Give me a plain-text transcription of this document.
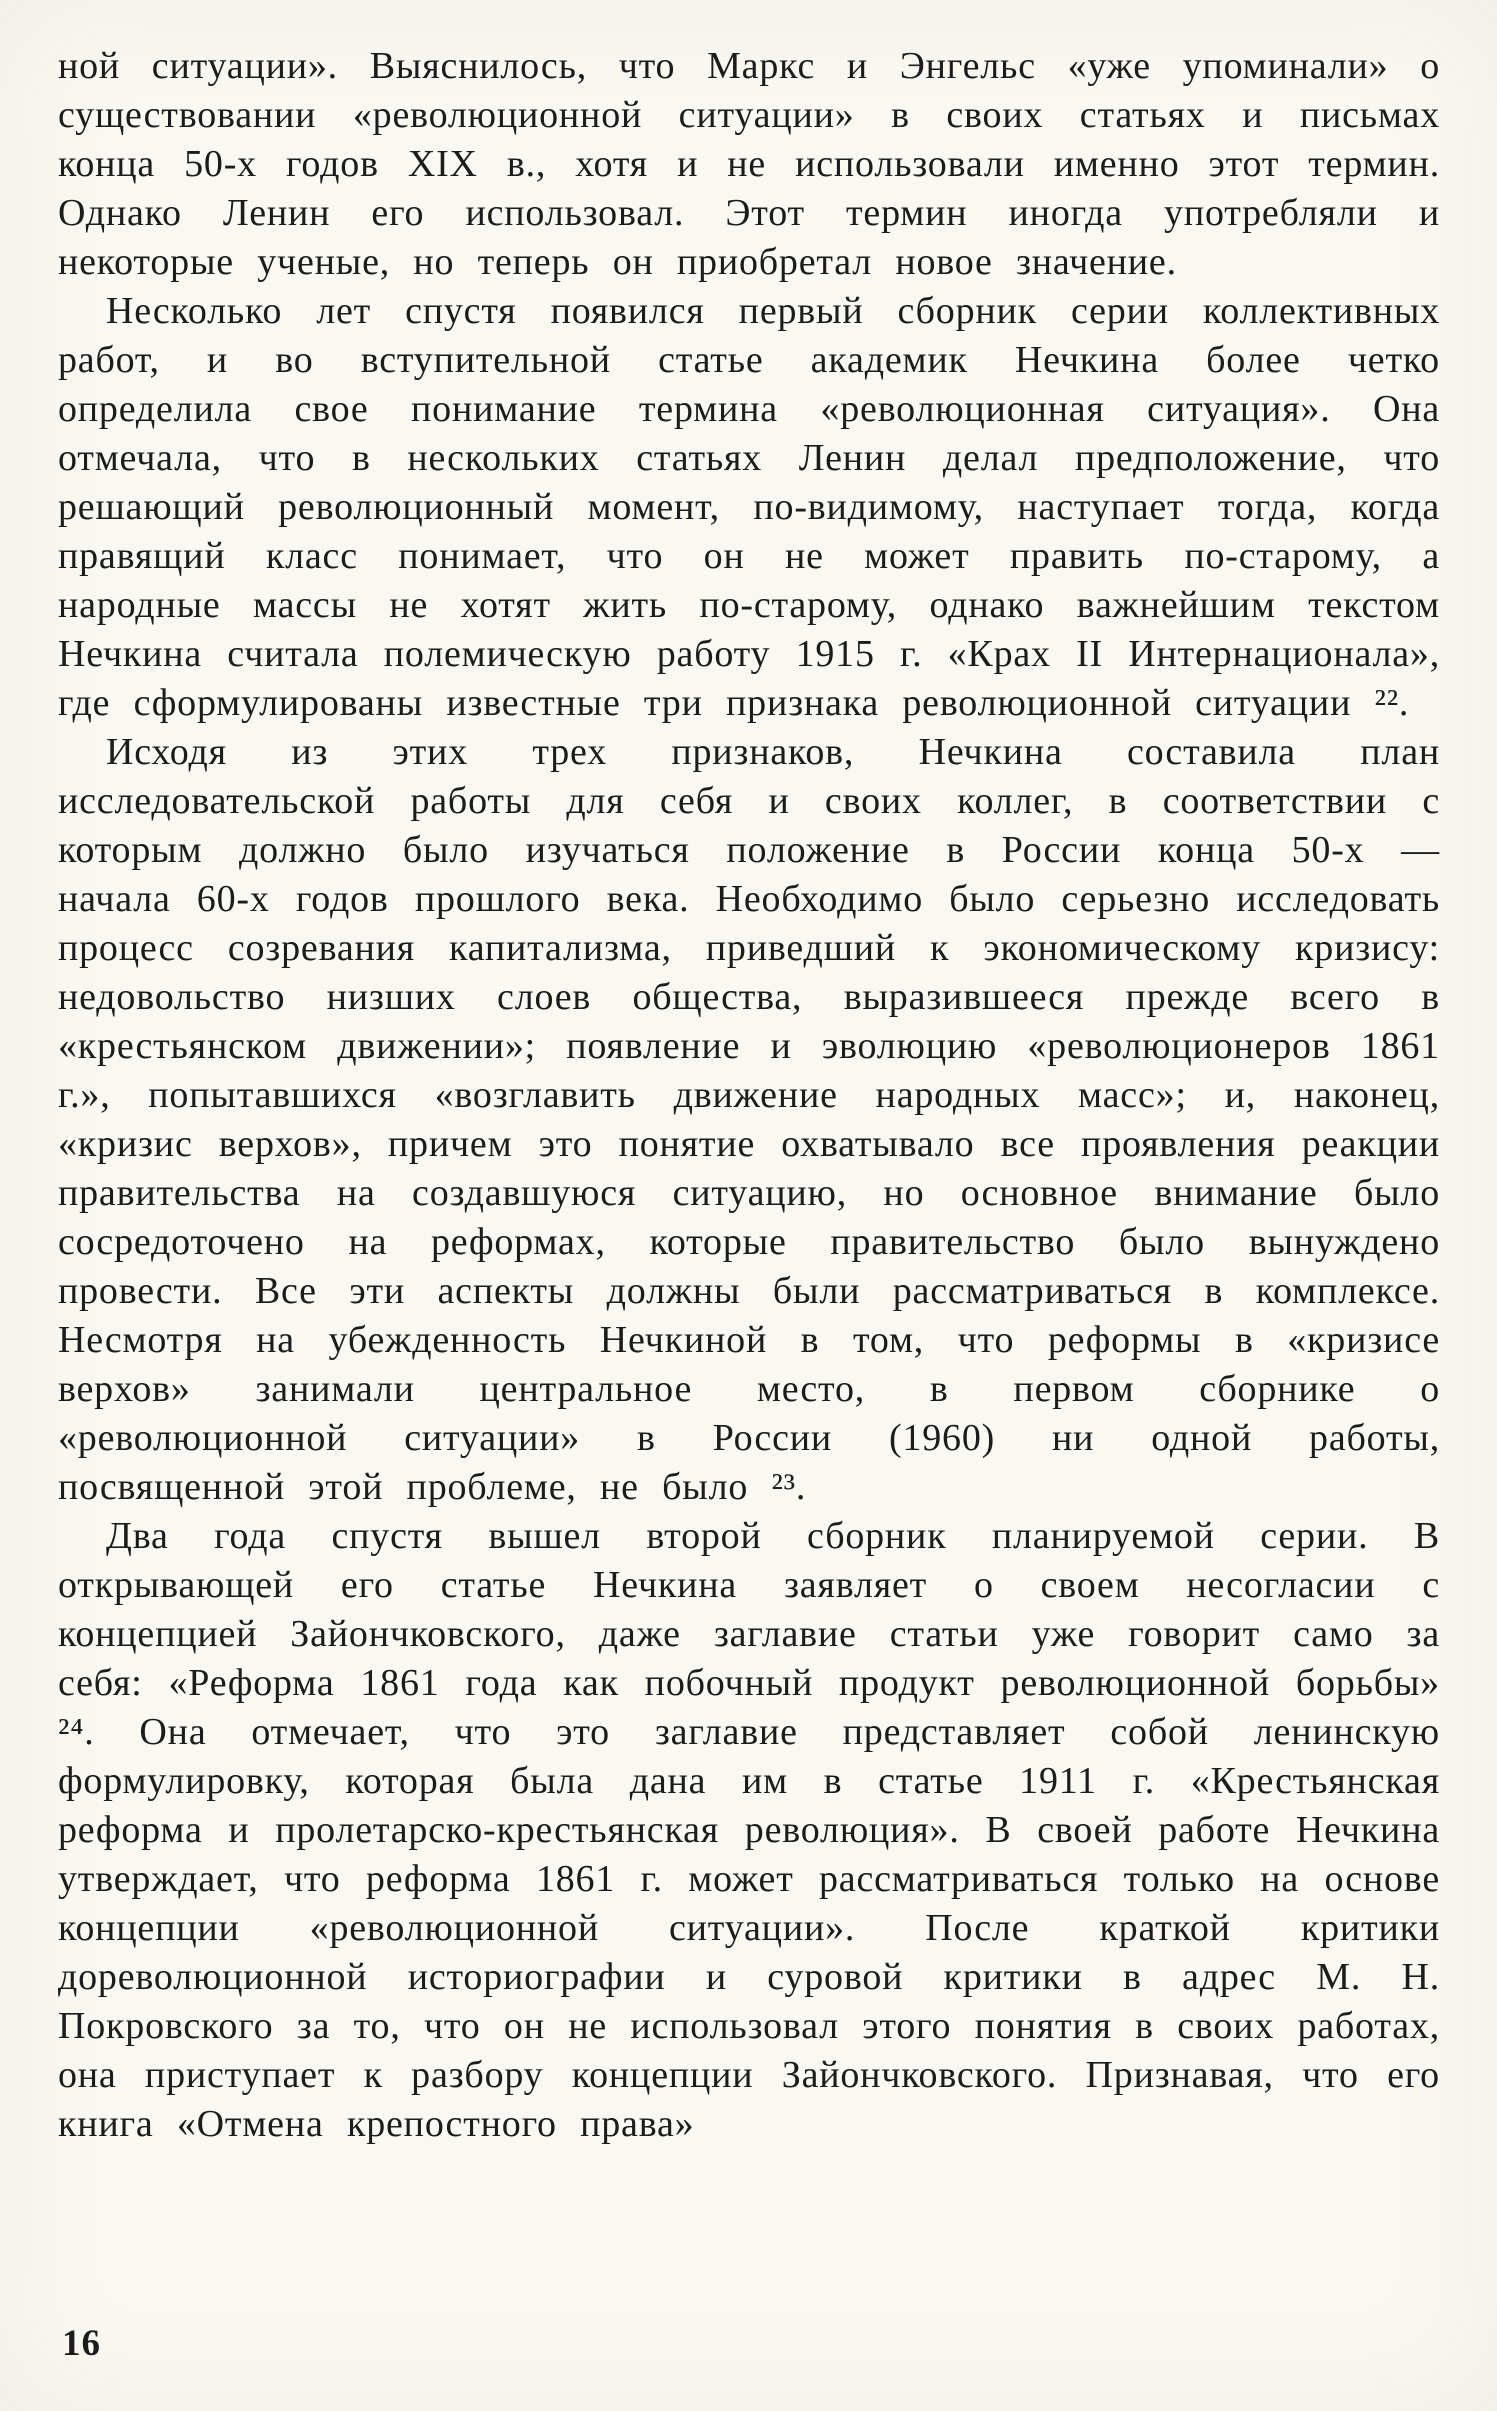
ной ситуации». Выяснилось, что Маркс и Энгельс «уже упоминали» о существовании «революционной ситуации» в своих статьях и письмах конца 50-х годов XIX в., хотя и не использовали именно этот термин. Однако Ленин его использовал. Этот термин иногда употребляли и некоторые ученые, но теперь он приобретал новое значение.

Несколько лет спустя появился первый сборник серии коллективных работ, и во вступительной статье академик Нечкина более четко определила свое понимание термина «революционная ситуация». Она отмечала, что в нескольких статьях Ленин делал предположение, что решающий революционный момент, по-видимому, наступает тогда, когда правящий класс понимает, что он не может править по-старому, а народные массы не хотят жить по-старому, однако важнейшим текстом Нечкина считала полемическую работу 1915 г. «Крах II Интернационала», где сформулированы известные три признака революционной ситуации ²².

Исходя из этих трех признаков, Нечкина составила план исследовательской работы для себя и своих коллег, в соответствии с которым должно было изучаться положение в России конца 50-х — начала 60-х годов прошлого века. Необходимо было серьезно исследовать процесс созревания капитализма, приведший к экономическому кризису: недовольство низших слоев общества, выразившееся прежде всего в «крестьянском движении»; появление и эволюцию «революционеров 1861 г.», попытавшихся «возглавить движение народных масс»; и, наконец, «кризис верхов», причем это понятие охватывало все проявления реакции правительства на создавшуюся ситуацию, но основное внимание было сосредоточено на реформах, которые правительство было вынуждено провести. Все эти аспекты должны были рассматриваться в комплексе. Несмотря на убежденность Нечкиной в том, что реформы в «кризисе верхов» занимали центральное место, в первом сборнике о «революционной ситуации» в России (1960) ни одной работы, посвященной этой проблеме, не было ²³.

Два года спустя вышел второй сборник планируемой серии. В открывающей его статье Нечкина заявляет о своем несогласии с концепцией Зайончковского, даже заглавие статьи уже говорит само за себя: «Реформа 1861 года как побочный продукт революционной борьбы» ²⁴. Она отмечает, что это заглавие представляет собой ленинскую формулировку, которая была дана им в статье 1911 г. «Крестьянская реформа и пролетарско-крестьянская революция». В своей работе Нечкина утверждает, что реформа 1861 г. может рассматриваться только на основе концепции «революционной ситуации». После краткой критики дореволюционной историографии и суровой критики в адрес М. Н. Покровского за то, что он не использовал этого понятия в своих работах, она приступает к разбору концепции Зайончковского. Признавая, что его книга «Отмена крепостного права»

16
